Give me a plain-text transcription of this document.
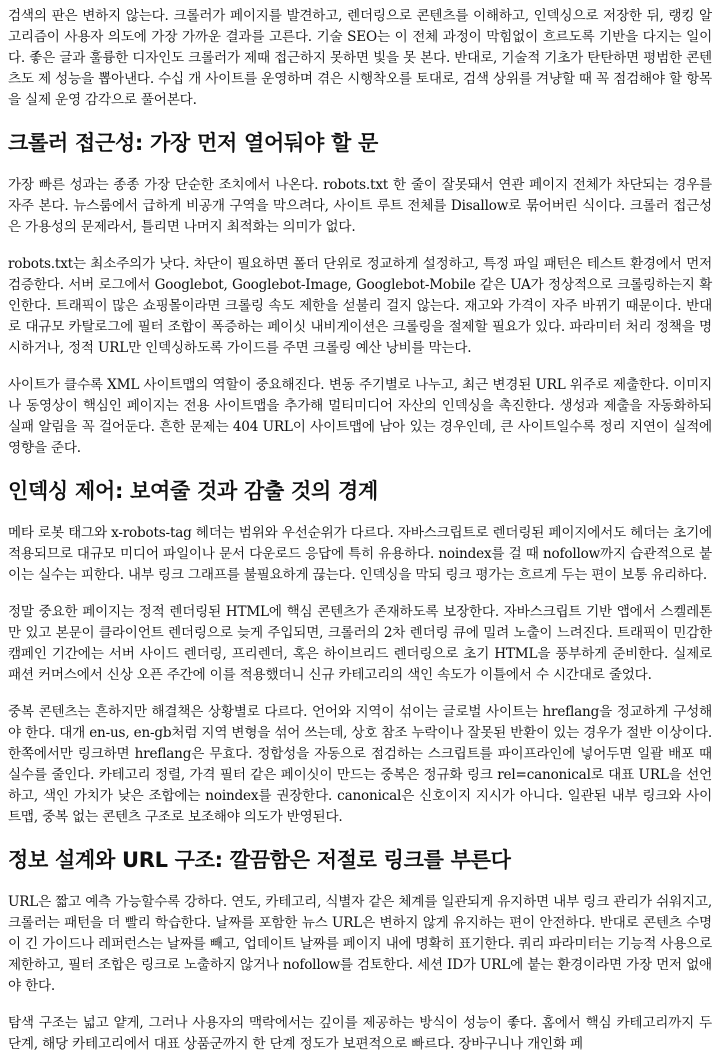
검색의 판은 변하지 않는다. 크롤러가 페이지를 발견하고, 렌더링으로 콘텐츠를 이해하고, 인덱싱으로 저장한 뒤, 랭킹 알고리즘이 사용자 의도에 가장 가까운 결과를 고른다. 기술 SEO는 이 전체 과정이 막힘없이 흐르도록 기반을 다지는 일이다. 좋은 글과 훌륭한 디자인도 크롤러가 제때 접근하지 못하면 빛을 못 본다. 반대로, 기술적 기초가 탄탄하면 평범한 콘텐츠도 제 성능을 뽑아낸다. 수십 개 사이트를 운영하며 겪은 시행착오를 토대로, 검색 상위를 겨냥할 때 꼭 점검해야 할 항목을 실제 운영 감각으로 풀어본다.

크롤러 접근성: 가장 먼저 열어둬야 할 문

가장 빠른 성과는 종종 가장 단순한 조치에서 나온다. robots.txt 한 줄이 잘못돼서 연관 페이지 전체가 차단되는 경우를 자주 본다. 뉴스룸에서 급하게 비공개 구역을 막으려다, 사이트 루트 전체를 Disallow로 묶어버린 식이다. 크롤러 접근성은 가용성의 문제라서, 틀리면 나머지 최적화는 의미가 없다.

robots.txt는 최소주의가 낫다. 차단이 필요하면 폴더 단위로 정교하게 설정하고, 특정 파일 패턴은 테스트 환경에서 먼저 검증한다. 서버 로그에서 Googlebot, Googlebot-Image, Googlebot-Mobile 같은 UA가 정상적으로 크롤링하는지 확인한다. 트래픽이 많은 쇼핑몰이라면 크롤링 속도 제한을 섣불리 걸지 않는다. 재고와 가격이 자주 바뀌기 때문이다. 반대로 대규모 카탈로그에 필터 조합이 폭증하는 페이싯 내비게이션은 크롤링을 절제할 필요가 있다. 파라미터 처리 정책을 명시하거나, 정적 URL만 인덱싱하도록 가이드를 주면 크롤링 예산 낭비를 막는다.

사이트가 클수록 XML 사이트맵의 역할이 중요해진다. 변동 주기별로 나누고, 최근 변경된 URL 위주로 제출한다. 이미지나 동영상이 핵심인 페이지는 전용 사이트맵을 추가해 멀티미디어 자산의 인덱싱을 촉진한다. 생성과 제출을 자동화하되 실패 알림을 꼭 걸어둔다. 흔한 문제는 404 URL이 사이트맵에 남아 있는 경우인데, 큰 사이트일수록 정리 지연이 실적에 영향을 준다.

인덱싱 제어: 보여줄 것과 감출 것의 경계

메타 로봇 태그와 x-robots-tag 헤더는 범위와 우선순위가 다르다. 자바스크립트로 렌더링된 페이지에서도 헤더는 초기에 적용되므로 대규모 미디어 파일이나 문서 다운로드 응답에 특히 유용하다. noindex를 걸 때 nofollow까지 습관적으로 붙이는 실수는 피한다. 내부 링크 그래프를 불필요하게 끊는다. 인덱싱을 막되 링크 평가는 흐르게 두는 편이 보통 유리하다.

정말 중요한 페이지는 정적 렌더링된 HTML에 핵심 콘텐츠가 존재하도록 보장한다. 자바스크립트 기반 앱에서 스켈레톤만 있고 본문이 클라이언트 렌더링으로 늦게 주입되면, 크롤러의 2차 렌더링 큐에 밀려 노출이 느려진다. 트래픽이 민감한 캠페인 기간에는 서버 사이드 렌더링, 프리렌더, 혹은 하이브리드 렌더링으로 초기 HTML을 풍부하게 준비한다. 실제로 패션 커머스에서 신상 오픈 주간에 이를 적용했더니 신규 카테고리의 색인 속도가 이틀에서 수 시간대로 줄었다.

중복 콘텐츠는 흔하지만 해결책은 상황별로 다르다. 언어와 지역이 섞이는 글로벌 사이트는 hreflang을 정교하게 구성해야 한다. 대개 en-us, en-gb처럼 지역 변형을 섞어 쓰는데, 상호 참조 누락이나 잘못된 반환이 있는 경우가 절반 이상이다. 한쪽에서만 링크하면 hreflang은 무효다. 정합성을 자동으로 점검하는 스크립트를 파이프라인에 넣어두면 일괄 배포 때 실수를 줄인다. 카테고리 정렬, 가격 필터 같은 페이싯이 만드는 중복은 정규화 링크 rel=canonical로 대표 URL을 선언하고, 색인 가치가 낮은 조합에는 noindex를 권장한다. canonical은 신호이지 지시가 아니다. 일관된 내부 링크와 사이트맵, 중복 없는 콘텐츠 구조로 보조해야 의도가 반영된다.

정보 설계와 URL 구조: 깔끔함은 저절로 링크를 부른다

URL은 짧고 예측 가능할수록 강하다. 연도, 카테고리, 식별자 같은 체계를 일관되게 유지하면 내부 링크 관리가 쉬워지고, 크롤러는 패턴을 더 빨리 학습한다. 날짜를 포함한 뉴스 URL은 변하지 않게 유지하는 편이 안전하다. 반대로 콘텐츠 수명이 긴 가이드나 레퍼런스는 날짜를 빼고, 업데이트 날짜를 페이지 내에 명확히 표기한다. 쿼리 파라미터는 기능적 사용으로 제한하고, 필터 조합은 링크로 노출하지 않거나 nofollow를 검토한다. 세션 ID가 URL에 붙는 환경이라면 가장 먼저 없애야 한다.

탐색 구조는 넓고 얕게, 그러나 사용자의 맥락에서는 깊이를 제공하는 방식이 성능이 좋다. 홈에서 핵심 카테고리까지 두 단계, 해당 카테고리에서 대표 상품군까지 한 단계 정도가 보편적으로 빠르다. 장바구니나 개인화 페
